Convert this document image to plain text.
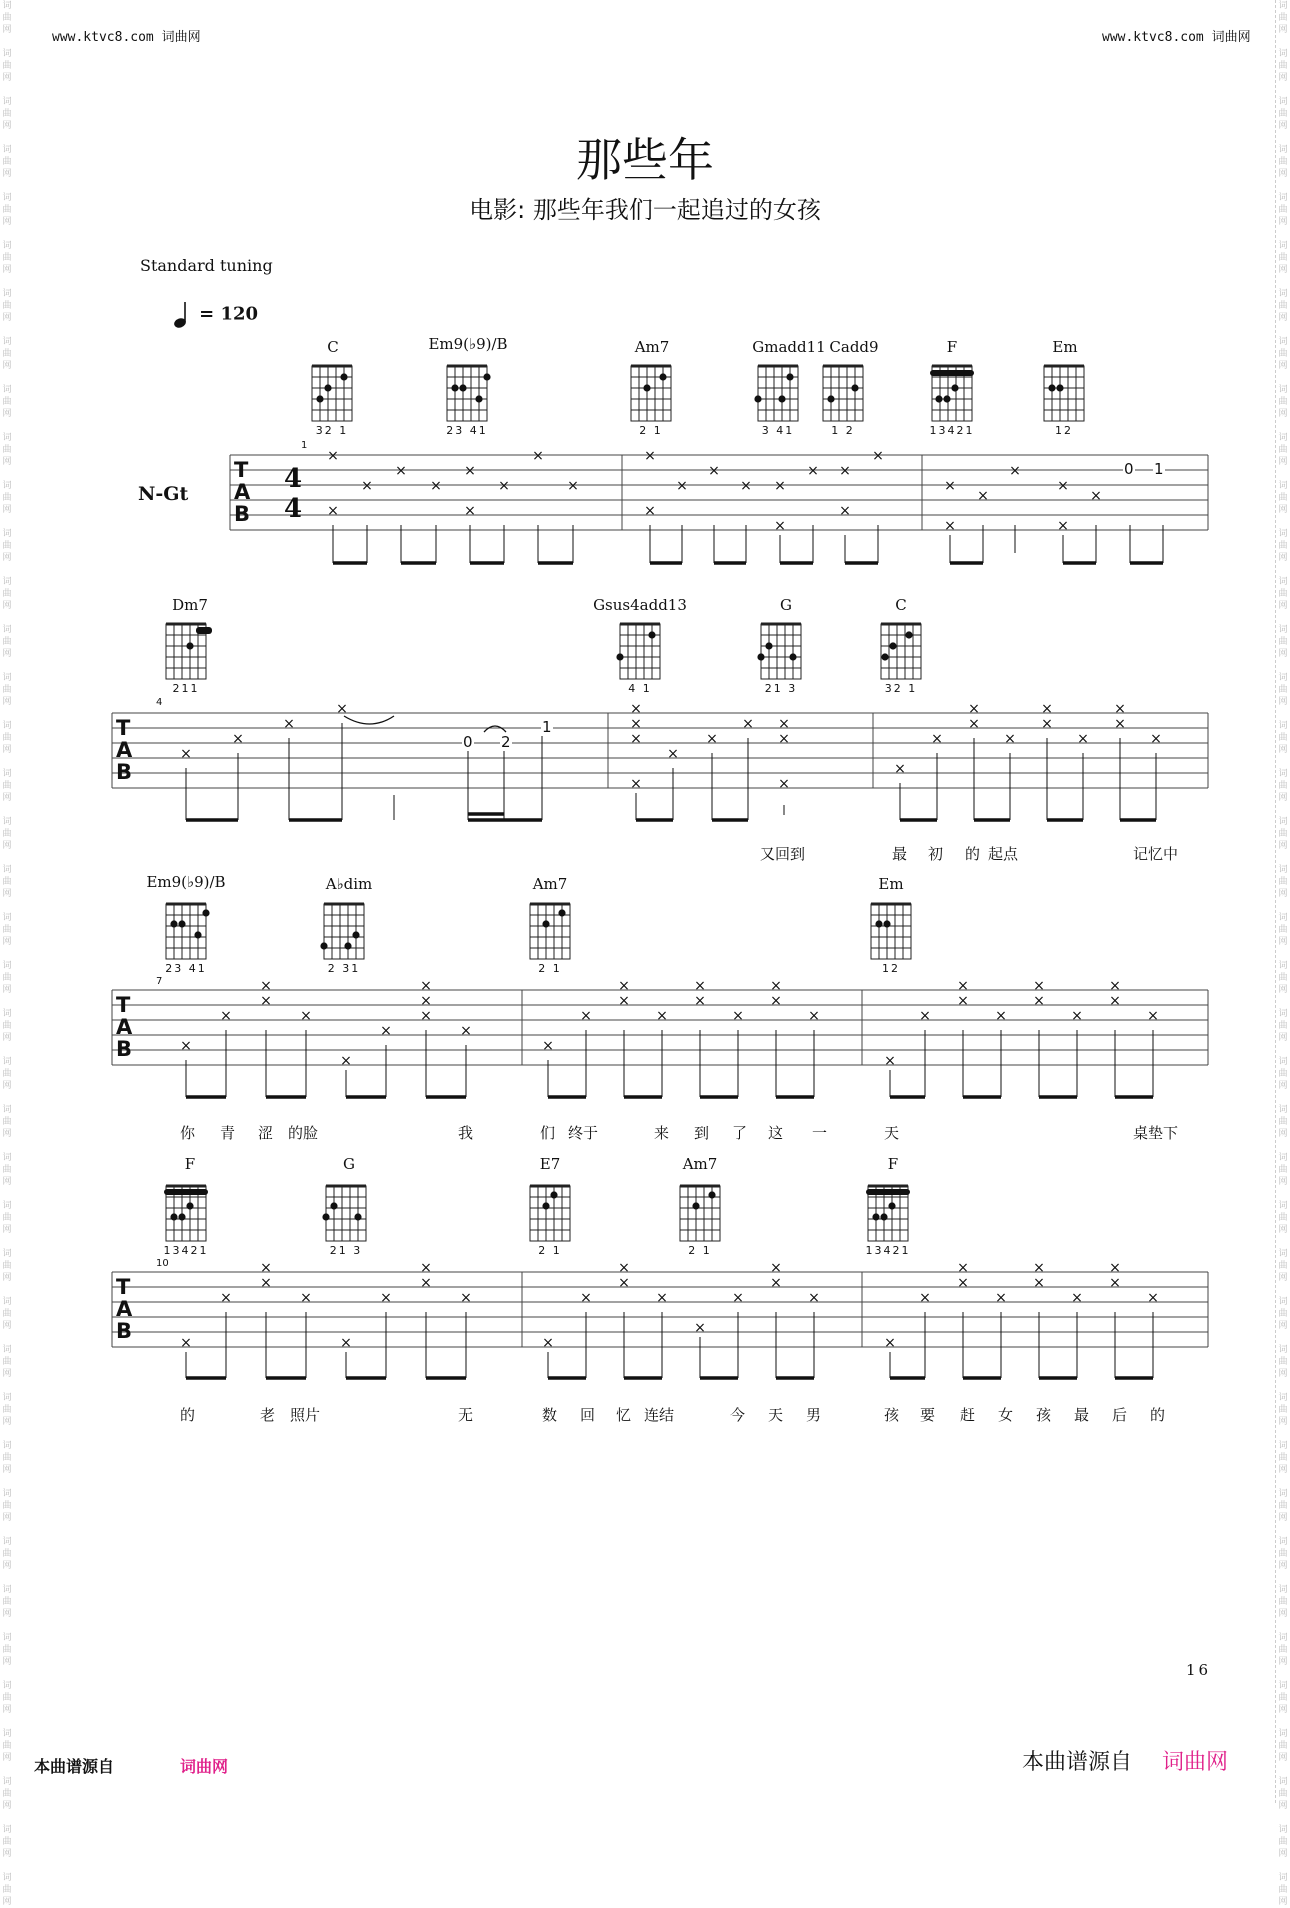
词
曲
网

词
曲
网

词
曲
网

词
曲
网

词
曲
网

词
曲
网

词
曲
网

词
曲
网

词
曲
网

词
曲
网

词
曲
网

词
曲
网

词
曲
网

词
曲
网

词
曲
网

词
曲
网

词
曲
网

词
曲
网

词
曲
网

词
曲
网

词
曲
网

词
曲
网

词
曲
网

词
曲
网

词
曲
网

词
曲
网

词
曲
网

词
曲
网

词
曲
网

词
曲
网

词
曲
网

词
曲
网

词
曲
网

词
曲
网

词
曲
网

词
曲
网

词
曲
网

词
曲
网

词
曲
网

词
曲
网

词
曲
网

词
曲
网

词
曲
网

词
曲
网

词
曲
网

词
曲
网

词
曲
网

词
曲
网

词
曲
网

词
曲
网

词
曲
网

词
曲
网

词
曲
网

词
曲
网

词
曲
网

词
曲
网

词
曲
网

词
曲
网

词
曲
网

词
曲
网

词
曲
网

词
曲
网

词
曲
网

词
曲
网

词
曲
网

词
曲
网

词
曲
网

词
曲
网

词
曲
网

词
曲
网

词
曲
网

词
曲
网

词
曲
网

词
曲
网

词
曲
网

词
曲
网

词
曲
网

词
曲
网

词
曲
网

词
曲
网

www.ktvc8.com 词曲网	www.ktvc8.com 词曲网
那些年
电影: 那些年我们一起追过的女孩
Standard tuning
= 120
C	Em9(♭9)/B	Am7	Gmadd11 Cadd9	F	Em
T
A
B
T
A
B
T
A
B
T
A
B
4
4
×
×
×
×
×
×
×
×
×
×
×
×
×
×
× ×
×
× ×
×
×
×
×
×
×
×
×
×
×
×
×
×	×
×
×
×
×
×
× ×
×
×
×
×
×
×
×
×
×
×
×
×
×
×
×
×
×
×
×
×
×
×
×
×
×
×
×
×
×
×
×
×
×
×
×
×
×
×
×
×
×
×
×
×
×
×
×
×
×
×
×
×
×
×
×
×
×
×
×
×
×
×
×
×
×
×
×
×
×
×
×
×
×
×
×
×
×
N-Gt
0 1
0 2
1
1
4
7
10
32 1	23 41	2 1	3 41	1 2	13421	12
Dm7	Gsus4add13	G	C
211	4 1	21 3	32 1
又回到	最 初 的 起点	记忆中
Em9(♭9)/B	A♭dim	Am7	Em
23 41	2 31	2 1	12
你 青 涩 的脸	我	们 终于	来 到 了 这 一	天	桌垫下
F	G	E7	Am7	F
13421	21 3	2 1	2 1	13421
的	老 照片	无	数 回 忆 连结	今 天 男	孩 要 赶 女 孩 最 后 的
16
本曲谱源自	词曲网	本曲谱源自 词曲网
